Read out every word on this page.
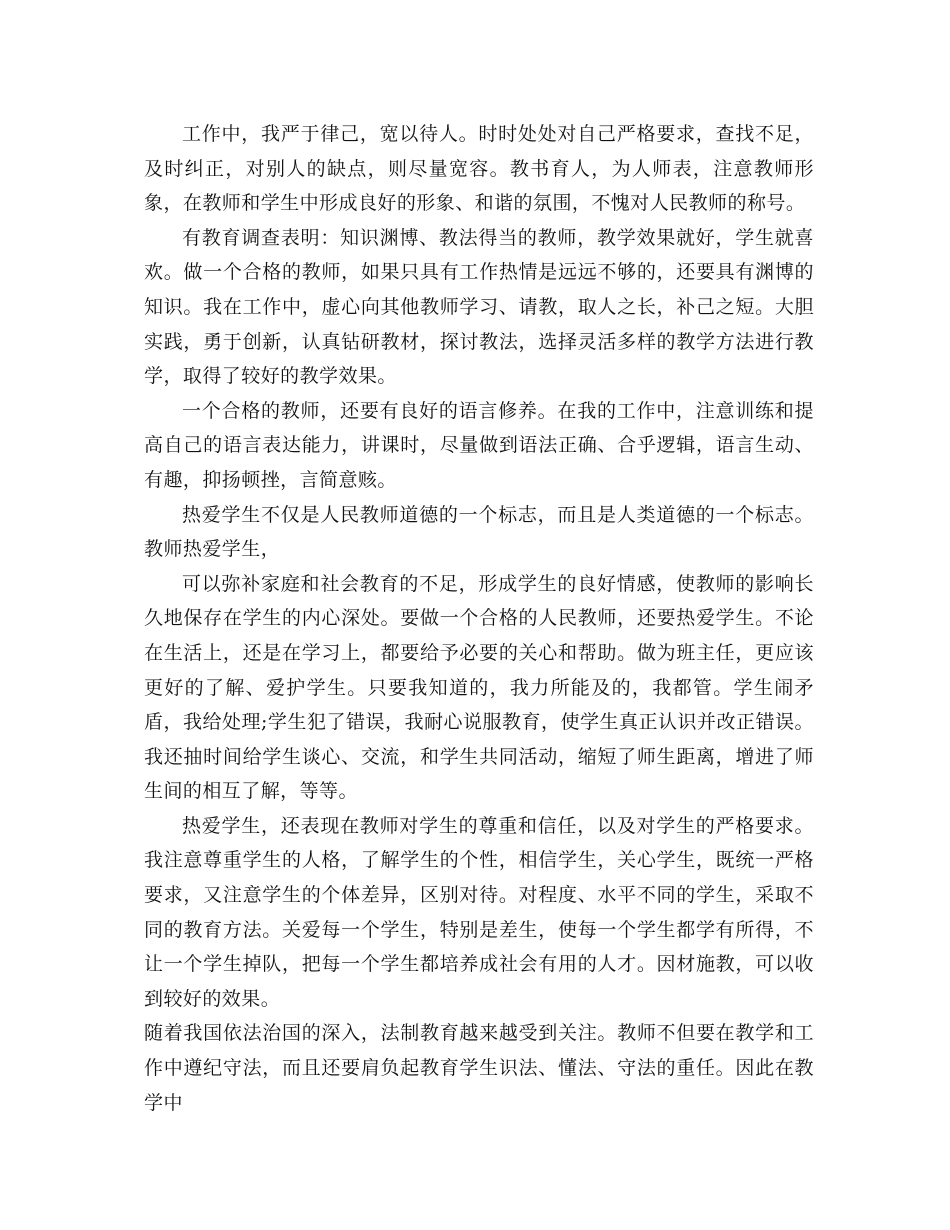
工作中，我严于律己，宽以待人。时时处处对自己严格要求，查找不足，及时纠正，对别人的缺点，则尽量宽容。教书育人，为人师表，注意教师形象，在教师和学生中形成良好的形象、和谐的氛围，不愧对人民教师的称号。

有教育调查表明：知识渊博、教法得当的教师，教学效果就好，学生就喜欢。做一个合格的教师，如果只具有工作热情是远远不够的，还要具有渊博的知识。我在工作中，虚心向其他教师学习、请教，取人之长，补己之短。大胆实践，勇于创新，认真钻研教材，探讨教法，选择灵活多样的教学方法进行教学，取得了较好的教学效果。

一个合格的教师，还要有良好的语言修养。在我的工作中，注意训练和提高自己的语言表达能力，讲课时，尽量做到语法正确、合乎逻辑，语言生动、有趣，抑扬顿挫，言简意赅。

热爱学生不仅是人民教师道德的一个标志，而且是人类道德的一个标志。教师热爱学生，

可以弥补家庭和社会教育的不足，形成学生的良好情感，使教师的影响长久地保存在学生的内心深处。要做一个合格的人民教师，还要热爱学生。不论在生活上，还是在学习上，都要给予必要的关心和帮助。做为班主任，更应该更好的了解、爱护学生。只要我知道的，我力所能及的，我都管。学生闹矛盾，我给处理;学生犯了错误，我耐心说服教育，使学生真正认识并改正错误。我还抽时间给学生谈心、交流，和学生共同活动，缩短了师生距离，增进了师生间的相互了解，等等。

热爱学生，还表现在教师对学生的尊重和信任，以及对学生的严格要求。我注意尊重学生的人格，了解学生的个性，相信学生，关心学生，既统一严格要求，又注意学生的个体差异，区别对待。对程度、水平不同的学生，采取不同的教育方法。关爱每一个学生，特别是差生，使每一个学生都学有所得，不让一个学生掉队，把每一个学生都培养成社会有用的人才。因材施教，可以收到较好的效果。

随着我国依法治国的深入，法制教育越来越受到关注。教师不但要在教学和工作中遵纪守法，而且还要肩负起教育学生识法、懂法、守法的重任。因此在教学中
